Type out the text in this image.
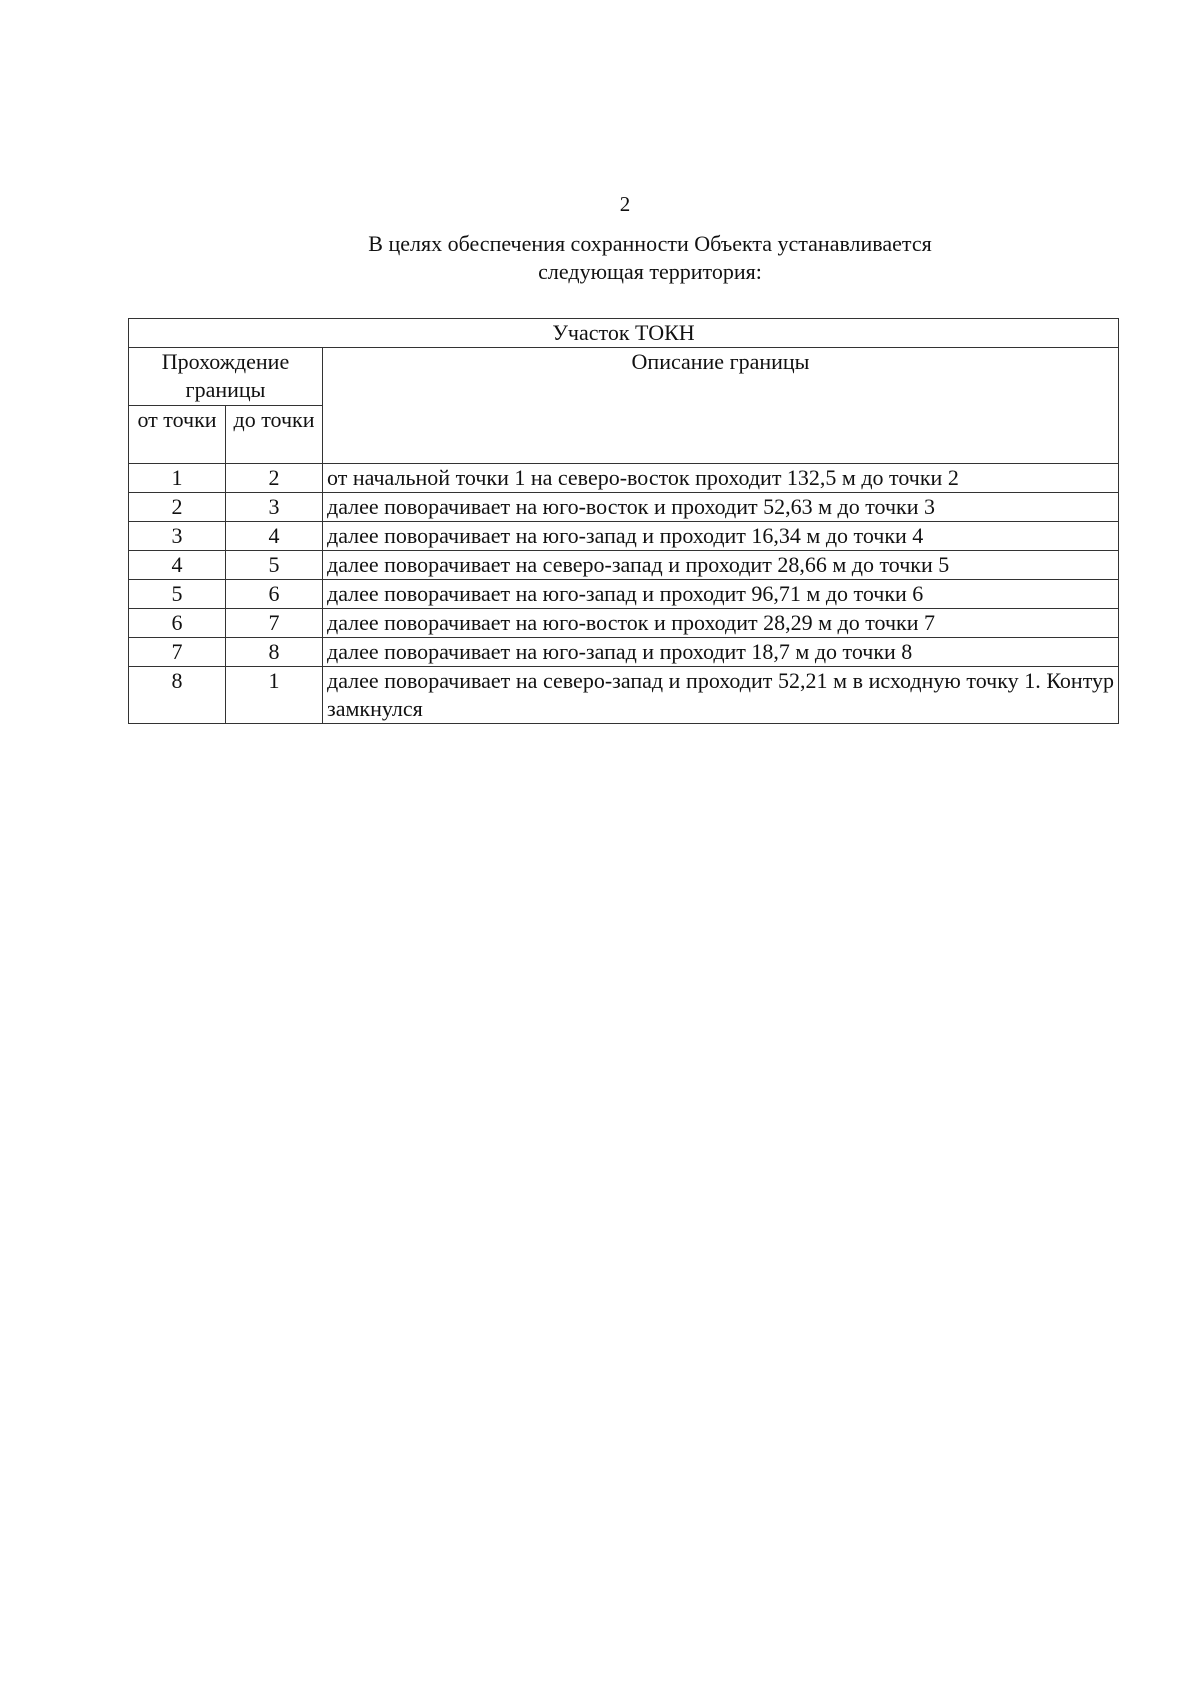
2
В целях обеспечения сохранности Объекта устанавливается
следующая территория:
Участок ТОКН		
Прохождение границы		Описание границы
от точки	до точки	
1	2	от начальной точки 1 на северо-восток проходит 132,5 м до точки 2
2	3	далее поворачивает на юго-восток и проходит 52,63 м до точки 3
3	4	далее поворачивает на юго-запад и проходит 16,34 м до точки 4
4	5	далее поворачивает на северо-запад и проходит 28,66 м до точки 5
5	6	далее поворачивает на юго-запад и проходит 96,71 м до точки 6
6	7	далее поворачивает на юго-восток и проходит 28,29 м до точки 7
7	8	далее поворачивает на юго-запад и проходит 18,7 м до точки 8
8	1	далее поворачивает на северо-запад и проходит 52,21 м в исходную точку 1. Контур замкнулся
